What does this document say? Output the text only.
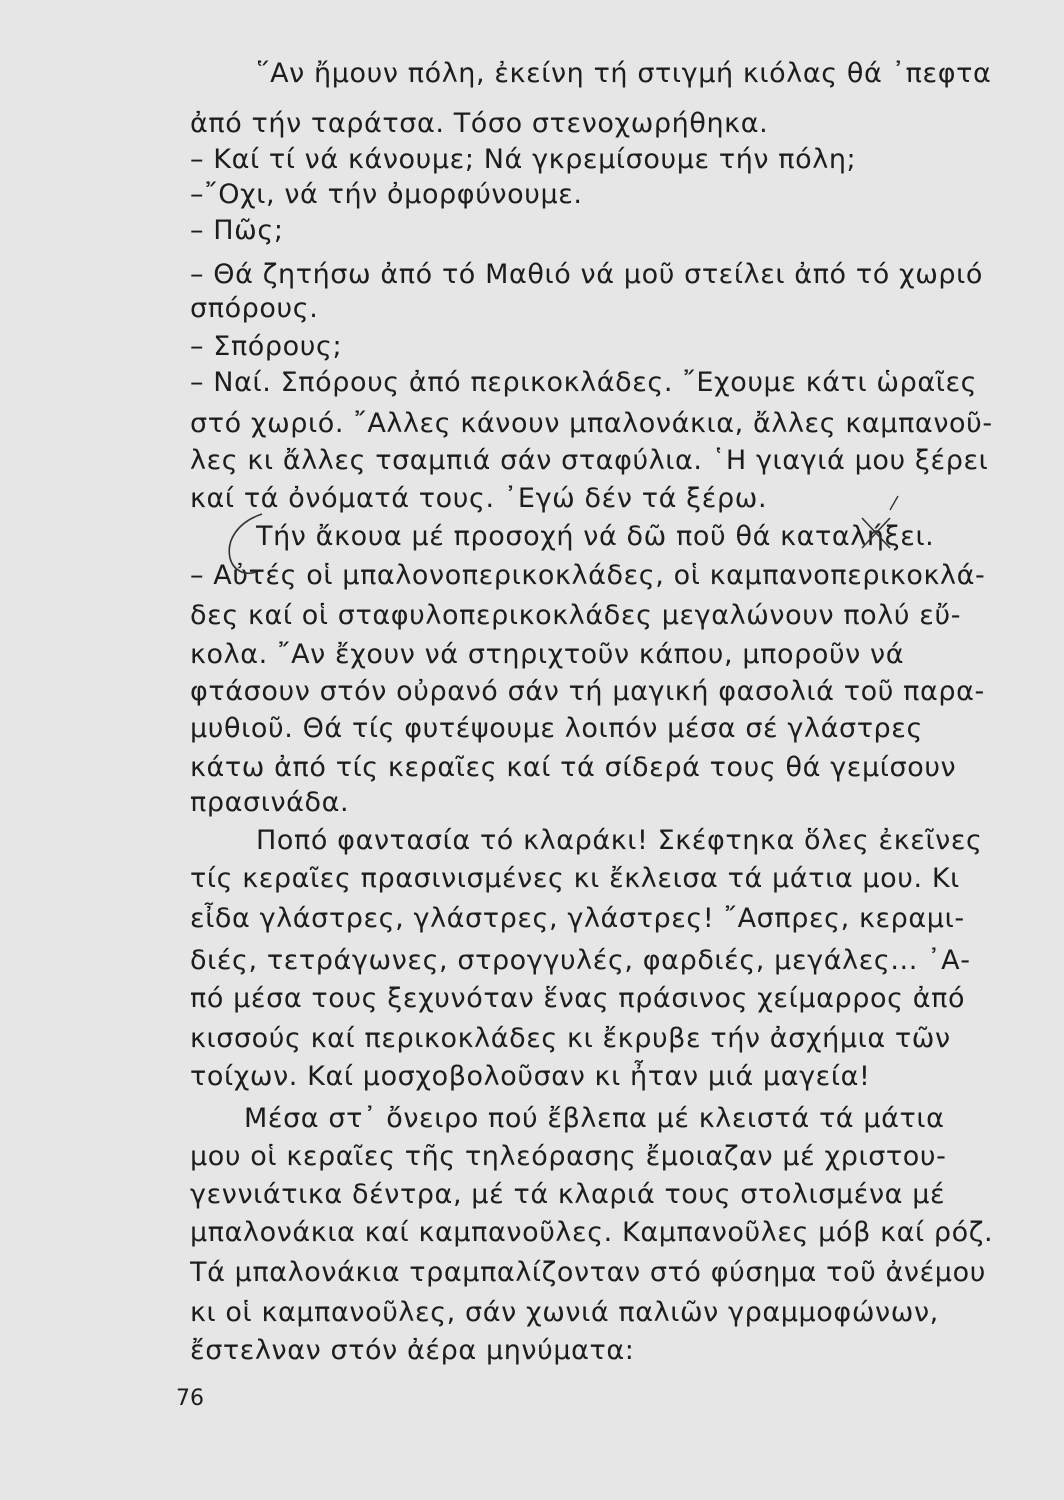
῞Αν ἤμουν πόλη, ἐκείνη τή στιγμή κιόλας θά ᾽πεφτα
ἀπό τήν ταράτσα. Τόσο στενοχωρήθηκα.
– Καί τί νά κάνουμε; Νά γκρεμίσουμε τήν πόλη;
–῎Οχι, νά τήν ὀμορφύνουμε.
– Πῶς;
– Θά ζητήσω ἀπό τό Μαθιό νά μοῦ στείλει ἀπό τό χωριό
σπόρους.
– Σπόρους;
– Ναί. Σπόρους ἀπό περικοκλάδες. ῎Εχουμε κάτι ὡραῖες
στό χωριό. ῎Αλλες κάνουν μπαλονάκια, ἄλλες καμπανοῦ-
λες κι ἄλλες τσαμπιά σάν σταφύλια. ῾Η γιαγιά μου ξέρει
καί τά ὀνόματά τους. ᾽Εγώ δέν τά ξέρω.
Τήν ἄκουα μέ προσοχή νά δῶ ποῦ θά καταλήξει.
– Αὐτές οἱ μπαλονοπερικοκλάδες, οἱ καμπανοπερικοκλά-
δες καί οἱ σταφυλοπερικοκλάδες μεγαλώνουν πολύ εὔ-
κολα. ῎Αν ἔχουν νά στηριχτοῦν κάπου, μποροῦν νά
φτάσουν στόν οὐρανό σάν τή μαγική φασολιά τοῦ παρα-
μυθιοῦ. Θά τίς φυτέψουμε λοιπόν μέσα σέ γλάστρες
κάτω ἀπό τίς κεραῖες καί τά σίδερά τους θά γεμίσουν
πρασινάδα.
Ποπό φαντασία τό κλαράκι! Σκέφτηκα ὅλες ἐκεῖνες
τίς κεραῖες πρασινισμένες κι ἔκλεισα τά μάτια μου. Κι
εἶδα γλάστρες, γλάστρες, γλάστρες! ῎Ασπρες, κεραμι-
διές, τετράγωνες, στρογγυλές, φαρδιές, μεγάλες... ᾽Α-
πό μέσα τους ξεχυνόταν ἕνας πράσινος χείμαρρος ἀπό
κισσούς καί περικοκλάδες κι ἔκρυβε τήν ἀσχήμια τῶν
τοίχων. Καί μοσχοβολοῦσαν κι ἦταν μιά μαγεία!
Μέσα στ᾽ ὄνειρο πού ἔβλεπα μέ κλειστά τά μάτια
μου οἱ κεραῖες τῆς τηλεόρασης ἔμοιαζαν μέ χριστου-
γεννιάτικα δέντρα, μέ τά κλαριά τους στολισμένα μέ
μπαλονάκια καί καμπανοῦλες. Καμπανοῦλες μόβ καί ρόζ.
Τά μπαλονάκια τραμπαλίζονταν στό φύσημα τοῦ ἀνέμου
κι οἱ καμπανοῦλες, σάν χωνιά παλιῶν γραμμοφώνων,
ἔστελναν στόν ἀέρα μηνύματα:
76
